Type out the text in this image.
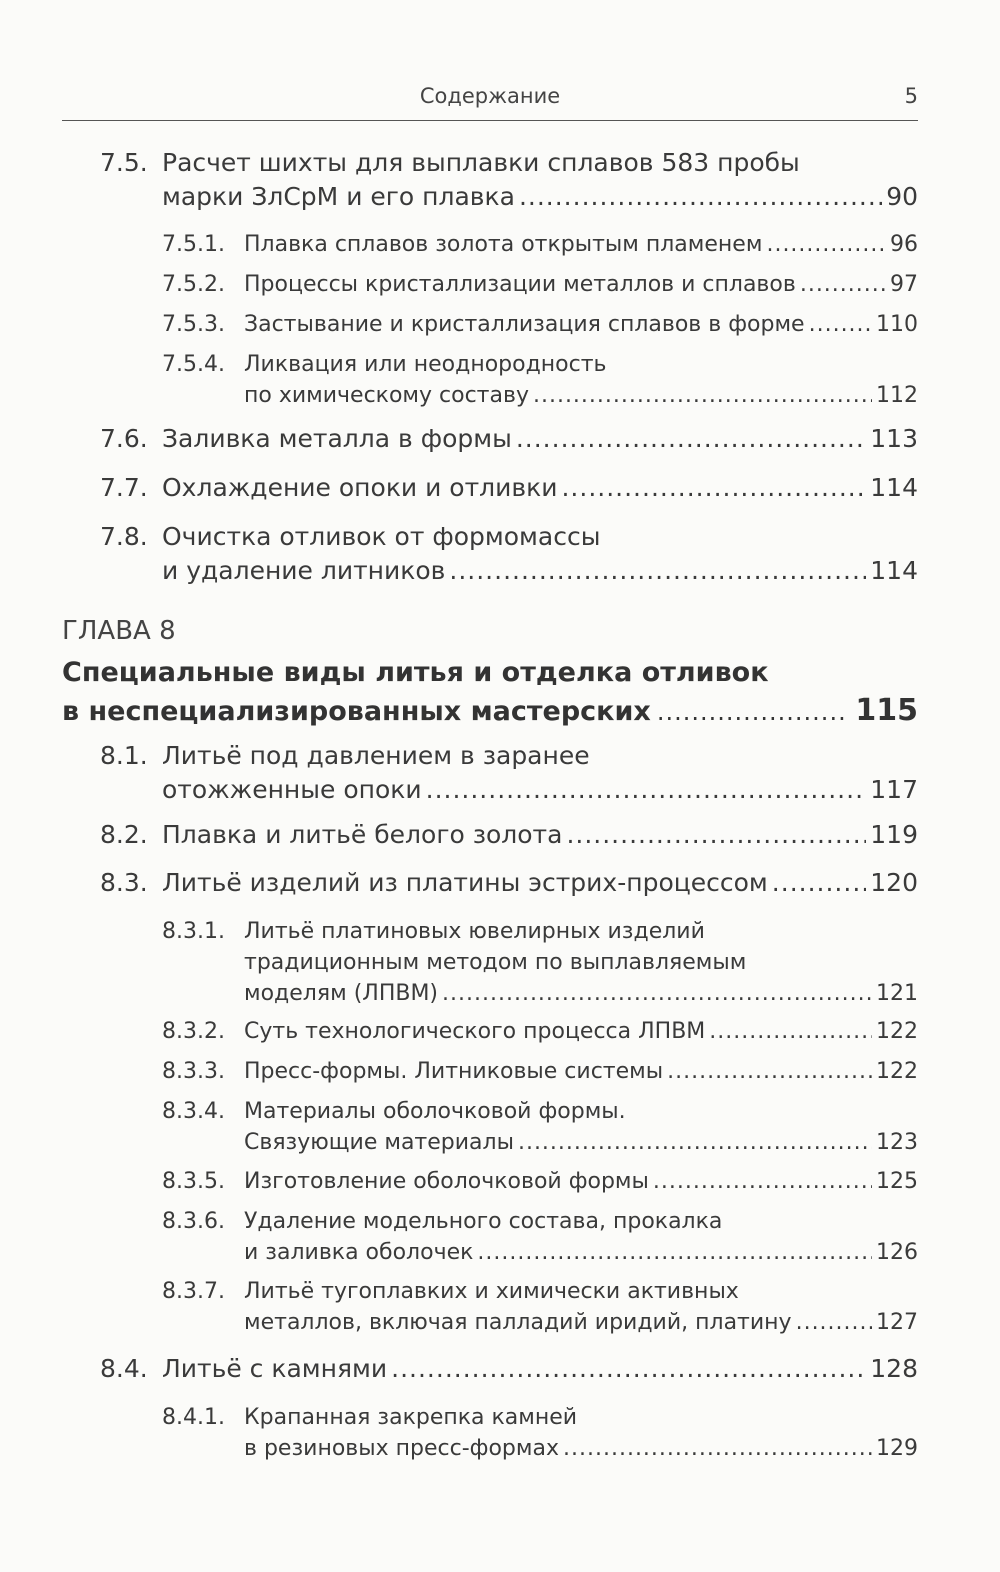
Содержание	5
7.5. Расчет шихты для выплавки сплавов 583 пробы
марки ЗлСрМ и его плавка .....	90
7.5.1. Плавка сплавов золота открытым пламенем .....	96
7.5.2. Процессы кристаллизации металлов и сплавов .....	97
7.5.3. Застывание и кристаллизация сплавов в форме .....	110
7.5.4. Ликвация или неоднородность
по химическому составу .....	112
7.6. Заливка металла в формы .....	113
7.7. Охлаждение опоки и отливки .....	114
7.8. Очистка отливок от формомассы
и удаление литников .....	114
ГЛАВА 8
Специальные виды литья и отделка отливок
в неспециализированных мастерских .....	115
8.1. Литьё под давлением в заранее
отожженные опоки .....	117
8.2. Плавка и литьё белого золота .....	119
8.3. Литьё изделий из платины эстрих-процессом .....	120
8.3.1. Литьё платиновых ювелирных изделий
традиционным методом по выплавляемым
моделям (ЛПВМ) .....	121
8.3.2. Суть технологического процесса ЛПВМ .....	122
8.3.3. Пресс-формы. Литниковые системы .....	122
8.3.4. Материалы оболочковой формы.
Связующие материалы .....	123
8.3.5. Изготовление оболочковой формы .....	125
8.3.6. Удаление модельного состава, прокалка
и заливка оболочек .....	126
8.3.7. Литьё тугоплавких и химически активных
металлов, включая палладий иридий, платину .....	127
8.4. Литьё с камнями .....	128
8.4.1. Крапанная закрепка камней
в резиновых пресс-формах .....	129
